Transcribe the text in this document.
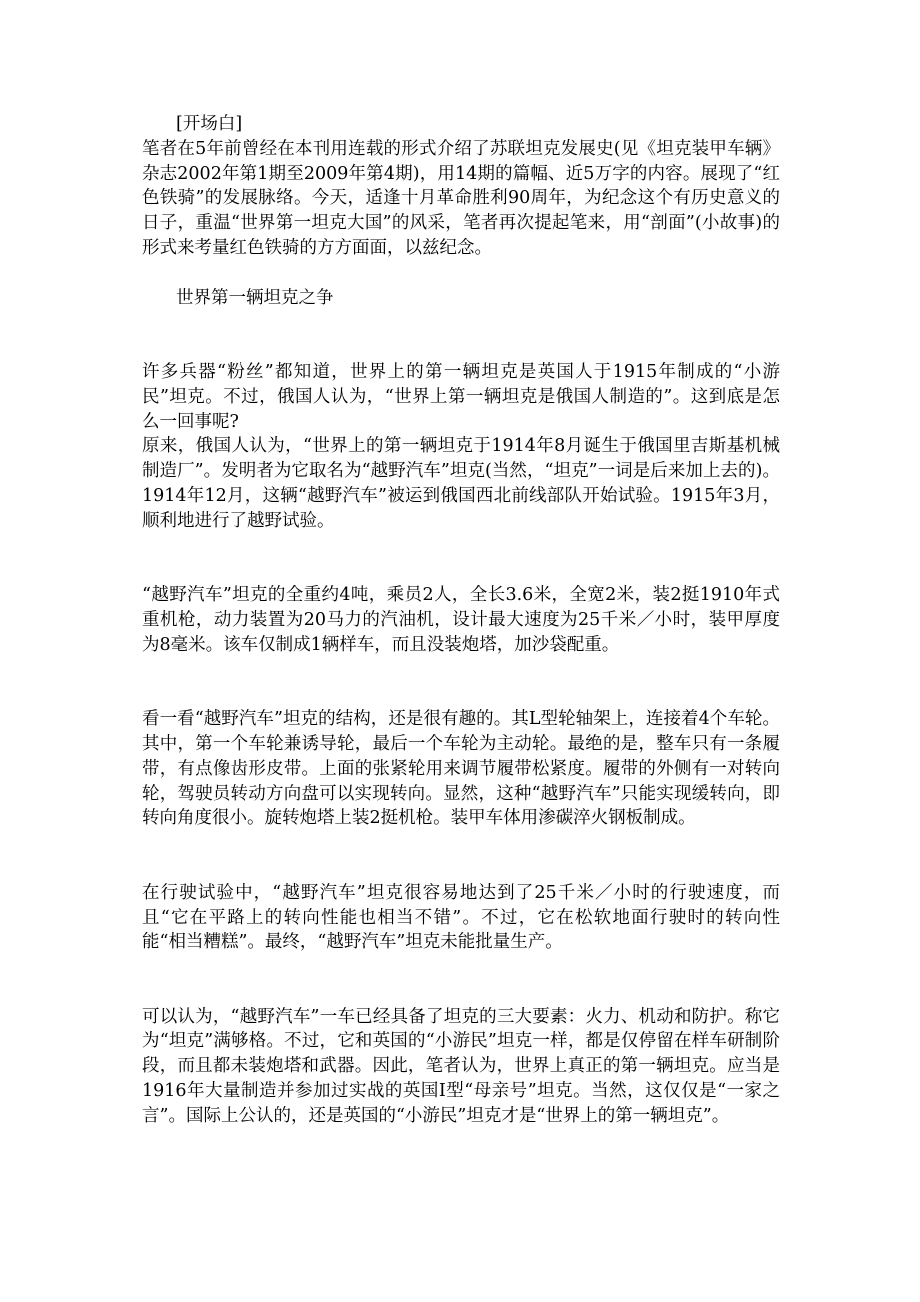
[开场白]

笔者在5年前曾经在本刊用连载的形式介绍了苏联坦克发展史(见《坦克装甲车辆》杂志2002年第1期至2009年第4期)，用14期的篇幅、近5万字的内容。展现了“红色铁骑”的发展脉络。今天，适逢十月革命胜利90周年，为纪念这个有历史意义的日子，重温“世界第一坦克大国”的风采，笔者再次提起笔来，用“剖面”(小故事)的形式来考量红色铁骑的方方面面，以兹纪念。

世界第一辆坦克之争

许多兵器“粉丝”都知道，世界上的第一辆坦克是英国人于1915年制成的“小游民”坦克。不过，俄国人认为，“世界上第一辆坦克是俄国人制造的”。这到底是怎么一回事呢?

原来，俄国人认为，“世界上的第一辆坦克于1914年8月诞生于俄国里吉斯基机械制造厂”。发明者为它取名为“越野汽车”坦克(当然，“坦克”一词是后来加上去的)。1914年12月，这辆“越野汽车”被运到俄国西北前线部队开始试验。1915年3月，顺利地进行了越野试验。

“越野汽车”坦克的全重约4吨，乘员2人，全长3.6米，全宽2米，装2挺1910年式重机枪，动力装置为20马力的汽油机，设计最大速度为25千米／小时，装甲厚度为8毫米。该车仅制成1辆样车，而且没装炮塔，加沙袋配重。

看一看“越野汽车”坦克的结构，还是很有趣的。其L型轮轴架上，连接着4个车轮。其中，第一个车轮兼诱导轮，最后一个车轮为主动轮。最绝的是，整车只有一条履带，有点像齿形皮带。上面的张紧轮用来调节履带松紧度。履带的外侧有一对转向轮，驾驶员转动方向盘可以实现转向。显然，这种“越野汽车”只能实现缓转向，即转向角度很小。旋转炮塔上装2挺机枪。装甲车体用渗碳淬火钢板制成。

在行驶试验中，“越野汽车”坦克很容易地达到了25千米／小时的行驶速度，而且“它在平路上的转向性能也相当不错”。不过，它在松软地面行驶时的转向性能“相当糟糕”。最终，“越野汽车”坦克未能批量生产。

可以认为，“越野汽车”一车已经具备了坦克的三大要素：火力、机动和防护。称它为“坦克”满够格。不过，它和英国的“小游民”坦克一样，都是仅停留在样车研制阶段，而且都未装炮塔和武器。因此，笔者认为，世界上真正的第一辆坦克。应当是1916年大量制造并参加过实战的英国I型“母亲号”坦克。当然，这仅仅是“一家之言”。国际上公认的，还是英国的“小游民”坦克才是“世界上的第一辆坦克”。
